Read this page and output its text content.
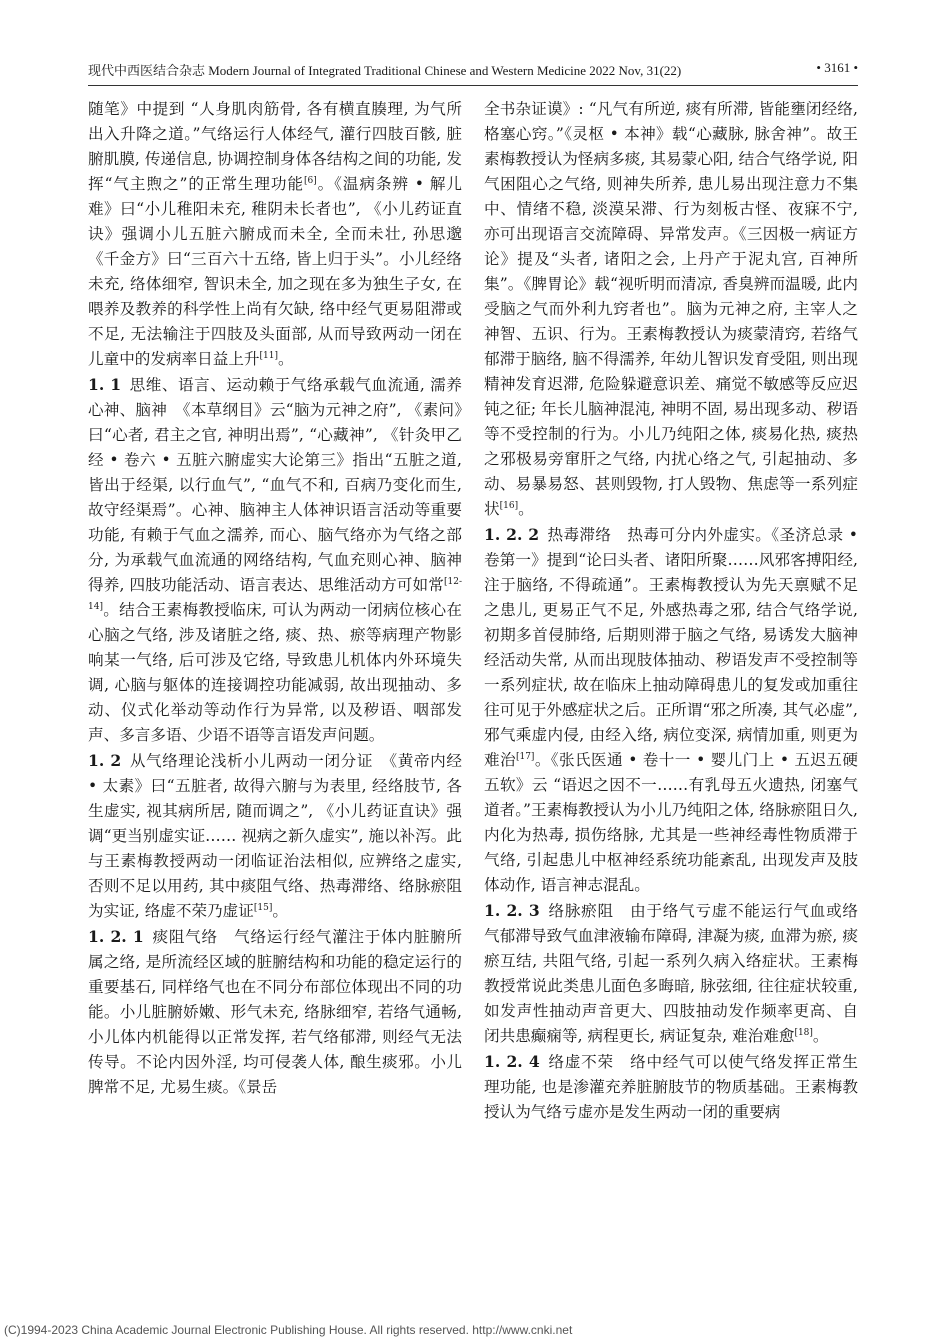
现代中西医结合杂志 Modern Journal of Integrated Traditional Chinese and Western Medicine 2022 Nov, 31(22)	• 3161 •

随笔》中提到 “人身肌肉筋骨, 各有横直腠理, 为气所出入升降之道。”气络运行人体经气, 灌行四肢百骸, 脏腑肌膜, 传递信息, 协调控制身体各结构之间的功能, 发挥“气主煦之”的正常生理功能[6]。《温病条辨 • 解儿难》曰“小儿稚阳未充, 稚阴未长者也”, 《小儿药证直诀》强调小儿五脏六腑成而未全, 全而未壮, 孙思邈《千金方》曰“三百六十五络, 皆上归于头”。小儿经络未充, 络体细窄, 智识未全, 加之现在多为独生子女, 在喂养及教养的科学性上尚有欠缺, 络中经气更易阻滞或不足, 无法输注于四肢及头面部, 从而导致两动一闭在儿童中的发病率日益上升[11]。

1. 1 思维、语言、运动赖于气络承载气血流通, 濡养心神、脑神　《本草纲目》云“脑为元神之府”, 《素问》曰“心者, 君主之官, 神明出焉”, “心藏神”, 《针灸甲乙经 • 卷六 • 五脏六腑虚实大论第三》指出“五脏之道, 皆出于经渠, 以行血气”, “血气不和, 百病乃变化而生, 故守经渠焉”。心神、脑神主人体神识语言活动等重要功能, 有赖于气血之濡养, 而心、脑气络亦为气络之部分, 为承载气血流通的网络结构, 气血充则心神、脑神得养, 四肢功能活动、语言表达、思维活动方可如常[12-14]。结合王素梅教授临床, 可认为两动一闭病位核心在心脑之气络, 涉及诸脏之络, 痰、热、瘀等病理产物影响某一气络, 后可涉及它络, 导致患儿机体内外环境失调, 心脑与躯体的连接调控功能减弱, 故出现抽动、多动、仪式化举动等动作行为异常, 以及秽语、咽部发声、多言多语、少语不语等言语发声问题。

1. 2 从气络理论浅析小儿两动一闭分证　《黄帝内经 • 太素》曰“五脏者, 故得六腑与为表里, 经络肢节, 各生虚实, 视其病所居, 随而调之”, 《小儿药证直诀》强调“更当别虚实证…… 视病之新久虚实”, 施以补泻。此与王素梅教授两动一闭临证治法相似, 应辨络之虚实, 否则不足以用药, 其中痰阻气络、热毒滞络、络脉瘀阻为实证, 络虚不荣乃虚证[15]。

1. 2. 1 痰阻气络　气络运行经气灌注于体内脏腑所属之络, 是所流经区域的脏腑结构和功能的稳定运行的重要基石, 同样络气也在不同分布部位体现出不同的功能。小儿脏腑娇嫩、形气未充, 络脉细窄, 若络气通畅, 小儿体内机能得以正常发挥, 若气络郁滞, 则经气无法传导。不论内因外淫, 均可侵袭人体, 酿生痰邪。小儿脾常不足, 尤易生痰。《景岳

全书杂证谟》: “凡气有所逆, 痰有所滞, 皆能壅闭经络, 格塞心窍。”《灵枢 • 本神》载“心藏脉, 脉舍神”。故王素梅教授认为怪病多痰, 其易蒙心阳, 结合气络学说, 阳气困阻心之气络, 则神失所养, 患儿易出现注意力不集中、情绪不稳, 淡漠呆滞、行为刻板古怪、夜寐不宁, 亦可出现语言交流障碍、异常发声。《三因极一病证方论》提及“头者, 诸阳之会, 上丹产于泥丸宫, 百神所集”。《脾胃论》载“视听明而清凉, 香臭辨而温暖, 此内受脑之气而外利九窍者也”。脑为元神之府, 主宰人之神智、五识、行为。王素梅教授认为痰蒙清窍, 若络气郁滞于脑络, 脑不得濡养, 年幼儿智识发育受阻, 则出现精神发育迟滞, 危险躲避意识差、痛觉不敏感等反应迟钝之征; 年长儿脑神混沌, 神明不固, 易出现多动、秽语等不受控制的行为。小儿乃纯阳之体, 痰易化热, 痰热之邪极易旁窜肝之气络, 内扰心络之气, 引起抽动、多动、易暴易怒、甚则毁物, 打人毁物、焦虑等一系列症状[16]。

1. 2. 2 热毒滞络　热毒可分内外虚实。《圣济总录 • 卷第一》提到“论曰头者、诸阳所聚……风邪客搏阳经, 注于脑络, 不得疏通”。王素梅教授认为先天禀赋不足之患儿, 更易正气不足, 外感热毒之邪, 结合气络学说, 初期多首侵肺络, 后期则滞于脑之气络, 易诱发大脑神经活动失常, 从而出现肢体抽动、秽语发声不受控制等一系列症状, 故在临床上抽动障碍患儿的复发或加重往往可见于外感症状之后。正所谓“邪之所凑, 其气必虚”, 邪气乘虚内侵, 由经入络, 病位变深, 病情加重, 则更为难治[17]。《张氏医通 • 卷十一 • 婴儿门上 • 五迟五硬五软》云 “语迟之因不一……有乳母五火遗热, 闭塞气道者。”王素梅教授认为小儿乃纯阳之体, 络脉瘀阻日久, 内化为热毒, 损伤络脉, 尤其是一些神经毒性物质滞于气络, 引起患儿中枢神经系统功能紊乱, 出现发声及肢体动作, 语言神志混乱。

1. 2. 3 络脉瘀阻　由于络气亏虚不能运行气血或络气郁滞导致气血津液输布障碍, 津凝为痰, 血滞为瘀, 痰瘀互结, 共阻气络, 引起一系列久病入络症状。王素梅教授常说此类患儿面色多晦暗, 脉弦细, 往往症状较重, 如发声性抽动声音更大、四肢抽动发作频率更高、自闭共患癫痫等, 病程更长, 病证复杂, 难治难愈[18]。

1. 2. 4 络虚不荣　络中经气可以使气络发挥正常生理功能, 也是渗灌充养脏腑肢节的物质基础。王素梅教授认为气络亏虚亦是发生两动一闭的重要病

(C)1994-2023 China Academic Journal Electronic Publishing House. All rights reserved. http://www.cnki.net
